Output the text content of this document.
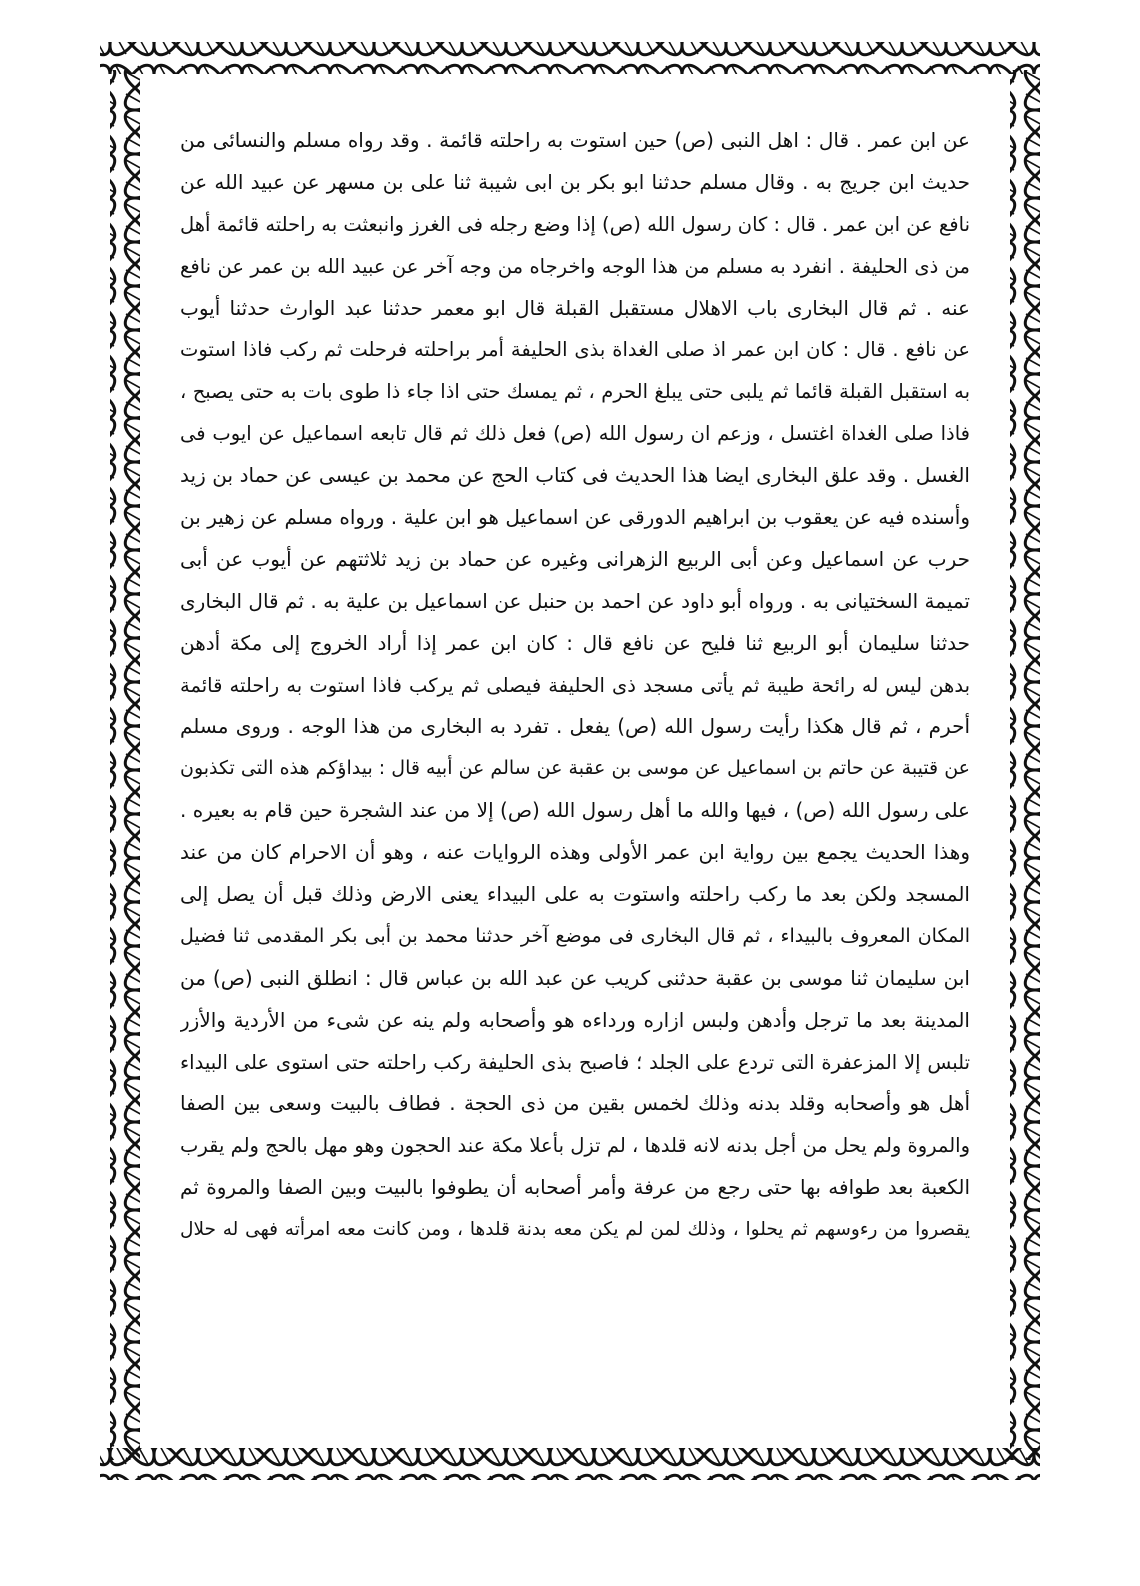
عن ابن عمر . قال : اهل النبى (ص) حين استوت به راحلته قائمة . وقد رواه مسلم والنسائى من
حديث ابن جريج به . وقال مسلم حدثنا ابو بكر بن ابى شيبة ثنا على بن مسهر عن عبيد الله عن
نافع عن ابن عمر . قال : كان رسول الله (ص) إذا وضع رجله فى الغرز وانبعثت به راحلته قائمة أهل
من ذى الحليفة . انفرد به مسلم من هذا الوجه واخرجاه من وجه آخر عن عبيد الله بن عمر عن نافع
عنه . ثم قال البخارى باب الاهلال مستقبل القبلة قال ابو معمر حدثنا عبد الوارث حدثنا أيوب
عن نافع . قال : كان ابن عمر اذ صلى الغداة بذى الحليفة أمر براحلته فرحلت ثم ركب فاذا استوت
به استقبل القبلة قائما ثم يلبى حتى يبلغ الحرم ، ثم يمسك حتى اذا جاء ذا طوى بات به حتى يصبح ،
فاذا صلى الغداة اغتسل ، وزعم ان رسول الله (ص) فعل ذلك ثم قال تابعه اسماعيل عن ايوب فى
الغسل . وقد علق البخارى ايضا هذا الحديث فى كتاب الحج عن محمد بن عيسى عن حماد بن زيد
وأسنده فيه عن يعقوب بن ابراهيم الدورقى عن اسماعيل هو ابن علية . ورواه مسلم عن زهير بن
حرب عن اسماعيل وعن أبى الربيع الزهرانى وغيره عن حماد بن زيد ثلاثتهم عن أيوب عن أبى
تميمة السختيانى به . ورواه أبو داود عن احمد بن حنبل عن اسماعيل بن علية به . ثم قال البخارى
حدثنا سليمان أبو الربيع ثنا فليح عن نافع قال : كان ابن عمر إذا أراد الخروج إلى مكة أدهن
بدهن ليس له رائحة طيبة ثم يأتى مسجد ذى الحليفة فيصلى ثم يركب فاذا استوت به راحلته قائمة
أحرم ، ثم قال هكذا رأيت رسول الله (ص) يفعل . تفرد به البخارى من هذا الوجه . وروى مسلم
عن قتيبة عن حاتم بن اسماعيل عن موسى بن عقبة عن سالم عن أبيه قال : بيداؤكم هذه التى تكذبون
على رسول الله (ص) ، فيها والله ما أهل رسول الله (ص) إلا من عند الشجرة حين قام به بعيره .
وهذا الحديث يجمع بين رواية ابن عمر الأولى وهذه الروايات عنه ، وهو أن الاحرام كان من عند
المسجد ولكن بعد ما ركب راحلته واستوت به على البيداء يعنى الارض وذلك قبل أن يصل إلى
المكان المعروف بالبيداء ، ثم قال البخارى فى موضع آخر حدثنا محمد بن أبى بكر المقدمى ثنا فضيل
ابن سليمان ثنا موسى بن عقبة حدثنى كريب عن عبد الله بن عباس قال : انطلق النبى (ص) من
المدينة بعد ما ترجل وأدهن ولبس ازاره ورداءه هو وأصحابه ولم ينه عن شىء من الأردية والأزر
تلبس إلا المزعفرة التى تردع على الجلد ؛ فاصبح بذى الحليفة ركب راحلته حتى استوى على البيداء
أهل هو وأصحابه وقلد بدنه وذلك لخمس بقين من ذى الحجة . فطاف بالبيت وسعى بين الصفا
والمروة ولم يحل من أجل بدنه لانه قلدها ، لم تزل بأعلا مكة عند الحجون وهو مهل بالحج ولم يقرب
الكعبة بعد طوافه بها حتى رجع من عرفة وأمر أصحابه أن يطوفوا بالبيت وبين الصفا والمروة ثم
يقصروا من رءوسهم ثم يحلوا ، وذلك لمن لم يكن معه بدنة قلدها ، ومن كانت معه امرأته فهى له حلال
